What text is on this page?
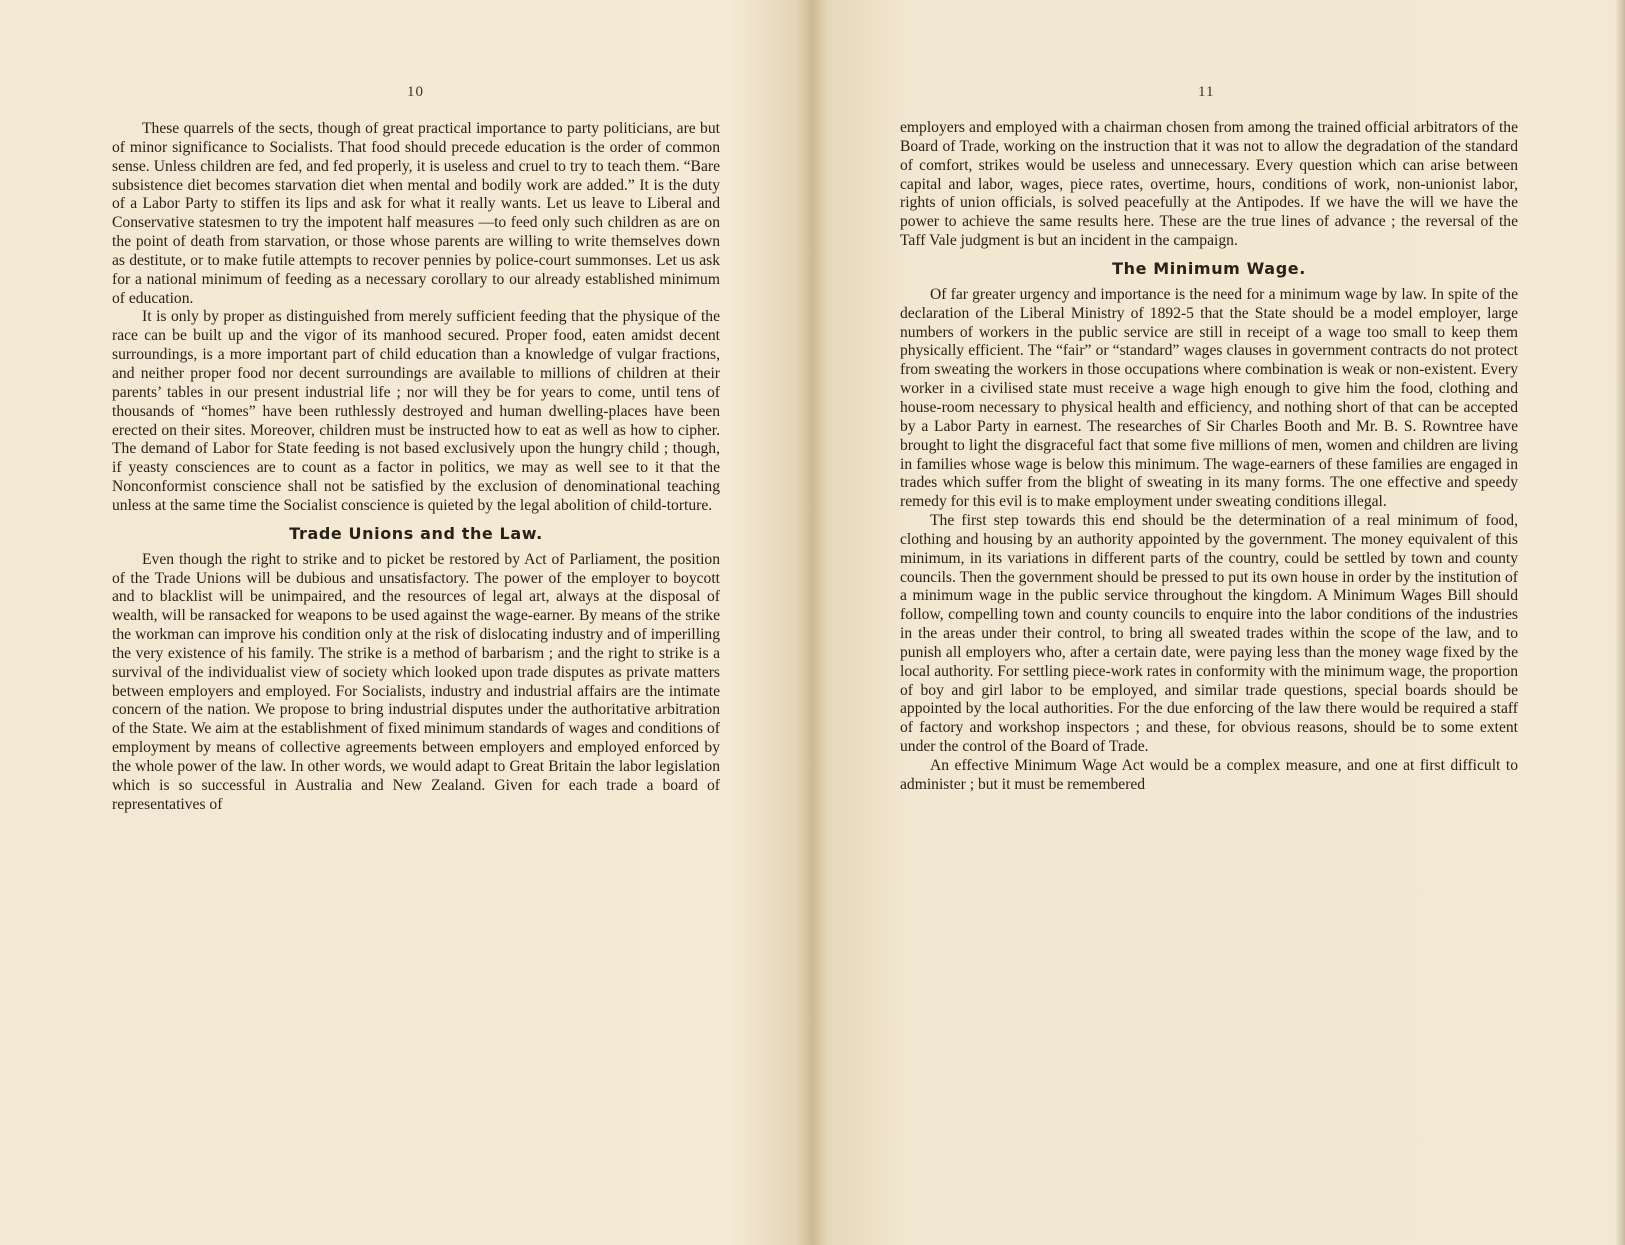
10

These quarrels of the sects, though of great practical importance to party politicians, are but of minor significance to Socialists. That food should precede education is the order of common sense. Unless children are fed, and fed properly, it is useless and cruel to try to teach them. “Bare subsistence diet becomes starvation diet when mental and bodily work are added.” It is the duty of a Labor Party to stiffen its lips and ask for what it really wants. Let us leave to Liberal and Conservative statesmen to try the impotent half measures —to feed only such children as are on the point of death from starvation, or those whose parents are willing to write themselves down as destitute, or to make futile attempts to recover pennies by police-court summonses. Let us ask for a national minimum of feeding as a necessary corollary to our already established minimum of education.

It is only by proper as distinguished from merely sufficient feeding that the physique of the race can be built up and the vigor of its manhood secured. Proper food, eaten amidst decent surroundings, is a more important part of child education than a knowledge of vulgar fractions, and neither proper food nor decent surroundings are available to millions of children at their parents’ tables in our present industrial life ; nor will they be for years to come, until tens of thousands of “homes” have been ruthlessly destroyed and human dwelling-places have been erected on their sites. Moreover, children must be instructed how to eat as well as how to cipher. The demand of Labor for State feeding is not based exclusively upon the hungry child ; though, if yeasty consciences are to count as a factor in politics, we may as well see to it that the Nonconformist conscience shall not be satisfied by the exclusion of denominational teaching unless at the same time the Socialist conscience is quieted by the legal abolition of child-torture.

Trade Unions and the Law.

Even though the right to strike and to picket be restored by Act of Parliament, the position of the Trade Unions will be dubious and unsatisfactory. The power of the employer to boycott and to blacklist will be unimpaired, and the resources of legal art, always at the disposal of wealth, will be ransacked for weapons to be used against the wage-earner. By means of the strike the workman can improve his condition only at the risk of dislocating industry and of imperilling the very existence of his family. The strike is a method of barbarism ; and the right to strike is a survival of the individualist view of society which looked upon trade disputes as private matters between employers and employed. For Socialists, industry and industrial affairs are the intimate concern of the nation. We propose to bring industrial disputes under the authoritative arbitration of the State. We aim at the establishment of fixed minimum standards of wages and conditions of employment by means of collective agreements between employers and employed enforced by the whole power of the law. In other words, we would adapt to Great Britain the labor legislation which is so successful in Australia and New Zealand. Given for each trade a board of representatives of

11

employers and employed with a chairman chosen from among the trained official arbitrators of the Board of Trade, working on the instruction that it was not to allow the degradation of the standard of comfort, strikes would be useless and unnecessary. Every question which can arise between capital and labor, wages, piece rates, overtime, hours, conditions of work, non-unionist labor, rights of union officials, is solved peacefully at the Antipodes. If we have the will we have the power to achieve the same results here. These are the true lines of advance ; the reversal of the Taff Vale judgment is but an incident in the campaign.

The Minimum Wage.

Of far greater urgency and importance is the need for a minimum wage by law. In spite of the declaration of the Liberal Ministry of 1892-5 that the State should be a model employer, large numbers of workers in the public service are still in receipt of a wage too small to keep them physically efficient. The “fair” or “standard” wages clauses in government contracts do not protect from sweating the workers in those occupations where combination is weak or non-existent. Every worker in a civilised state must receive a wage high enough to give him the food, clothing and house-room necessary to physical health and efficiency, and nothing short of that can be accepted by a Labor Party in earnest. The researches of Sir Charles Booth and Mr. B. S. Rowntree have brought to light the disgraceful fact that some five millions of men, women and children are living in families whose wage is below this minimum. The wage-earners of these families are engaged in trades which suffer from the blight of sweating in its many forms. The one effective and speedy remedy for this evil is to make employment under sweating conditions illegal.

The first step towards this end should be the determination of a real minimum of food, clothing and housing by an authority appointed by the government. The money equivalent of this minimum, in its variations in different parts of the country, could be settled by town and county councils. Then the government should be pressed to put its own house in order by the institution of a minimum wage in the public service throughout the kingdom. A Minimum Wages Bill should follow, compelling town and county councils to enquire into the labor conditions of the industries in the areas under their control, to bring all sweated trades within the scope of the law, and to punish all employers who, after a certain date, were paying less than the money wage fixed by the local authority. For settling piece-work rates in conformity with the minimum wage, the proportion of boy and girl labor to be employed, and similar trade questions, special boards should be appointed by the local authorities. For the due enforcing of the law there would be required a staff of factory and workshop inspectors ; and these, for obvious reasons, should be to some extent under the control of the Board of Trade.

An effective Minimum Wage Act would be a complex measure, and one at first difficult to administer ; but it must be remembered
